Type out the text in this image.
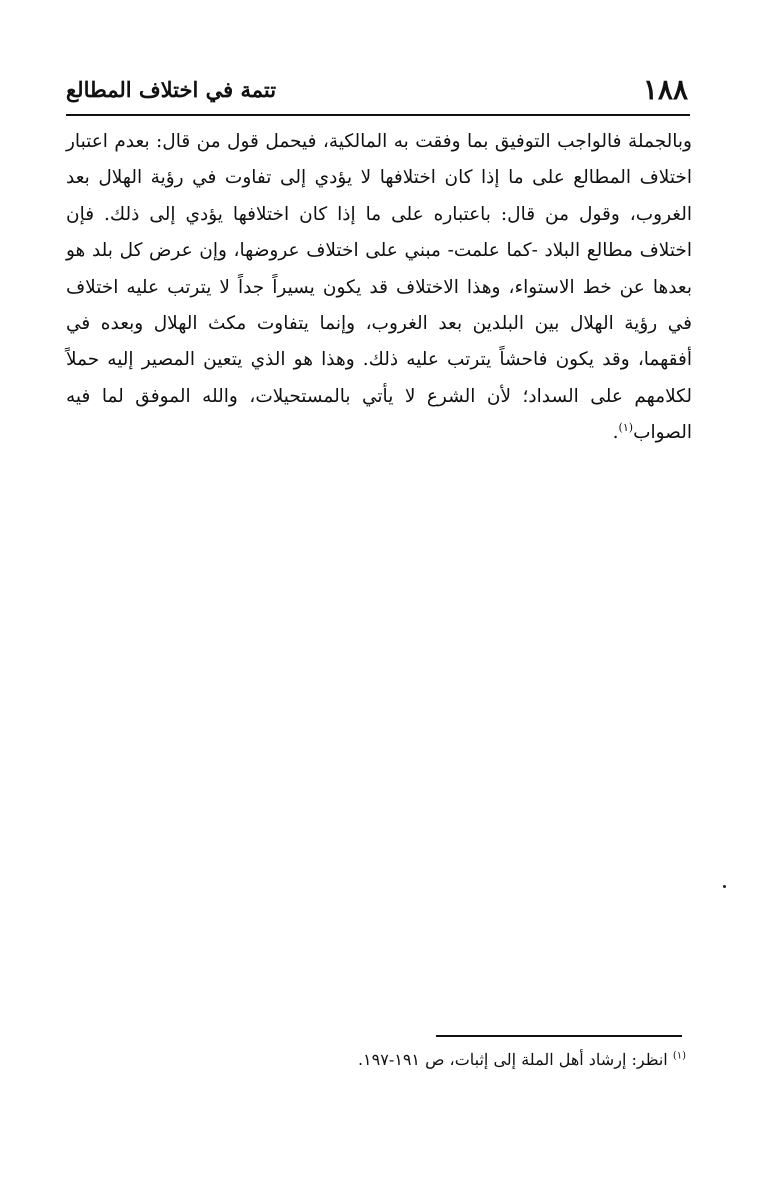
١٨٨
تتمة في اختلاف المطالع

وبالجملة فالواجب التوفيق بما وفقت به المالكية، فيحمل قول من قال: بعدم اعتبار اختلاف المطالع على ما إذا كان اختلافها لا يؤدي إلى تفاوت في رؤية الهلال بعد الغروب، وقول من قال: باعتباره على ما إذا كان اختلافها يؤدي إلى ذلك. فإن اختلاف مطالع البلاد -كما علمت- مبني على اختلاف عروضها، وإن عرض كل بلد هو بعدها عن خط الاستواء، وهذا الاختلاف قد يكون يسيراً جداً لا يترتب عليه اختلاف في رؤية الهلال بين البلدين بعد الغروب، وإنما يتفاوت مكث الهلال وبعده في أفقهما، وقد يكون فاحشاً يترتب عليه ذلك. وهذا هو الذي يتعين المصير إليه حملاً لكلامهم على السداد؛ لأن الشرع لا يأتي بالمستحيلات، والله الموفق لما فيه الصواب$^{(١)}$.

$^{(١)}$ انظر: إرشاد أهل الملة إلى إثبات، ص ١٩١-١٩٧.
